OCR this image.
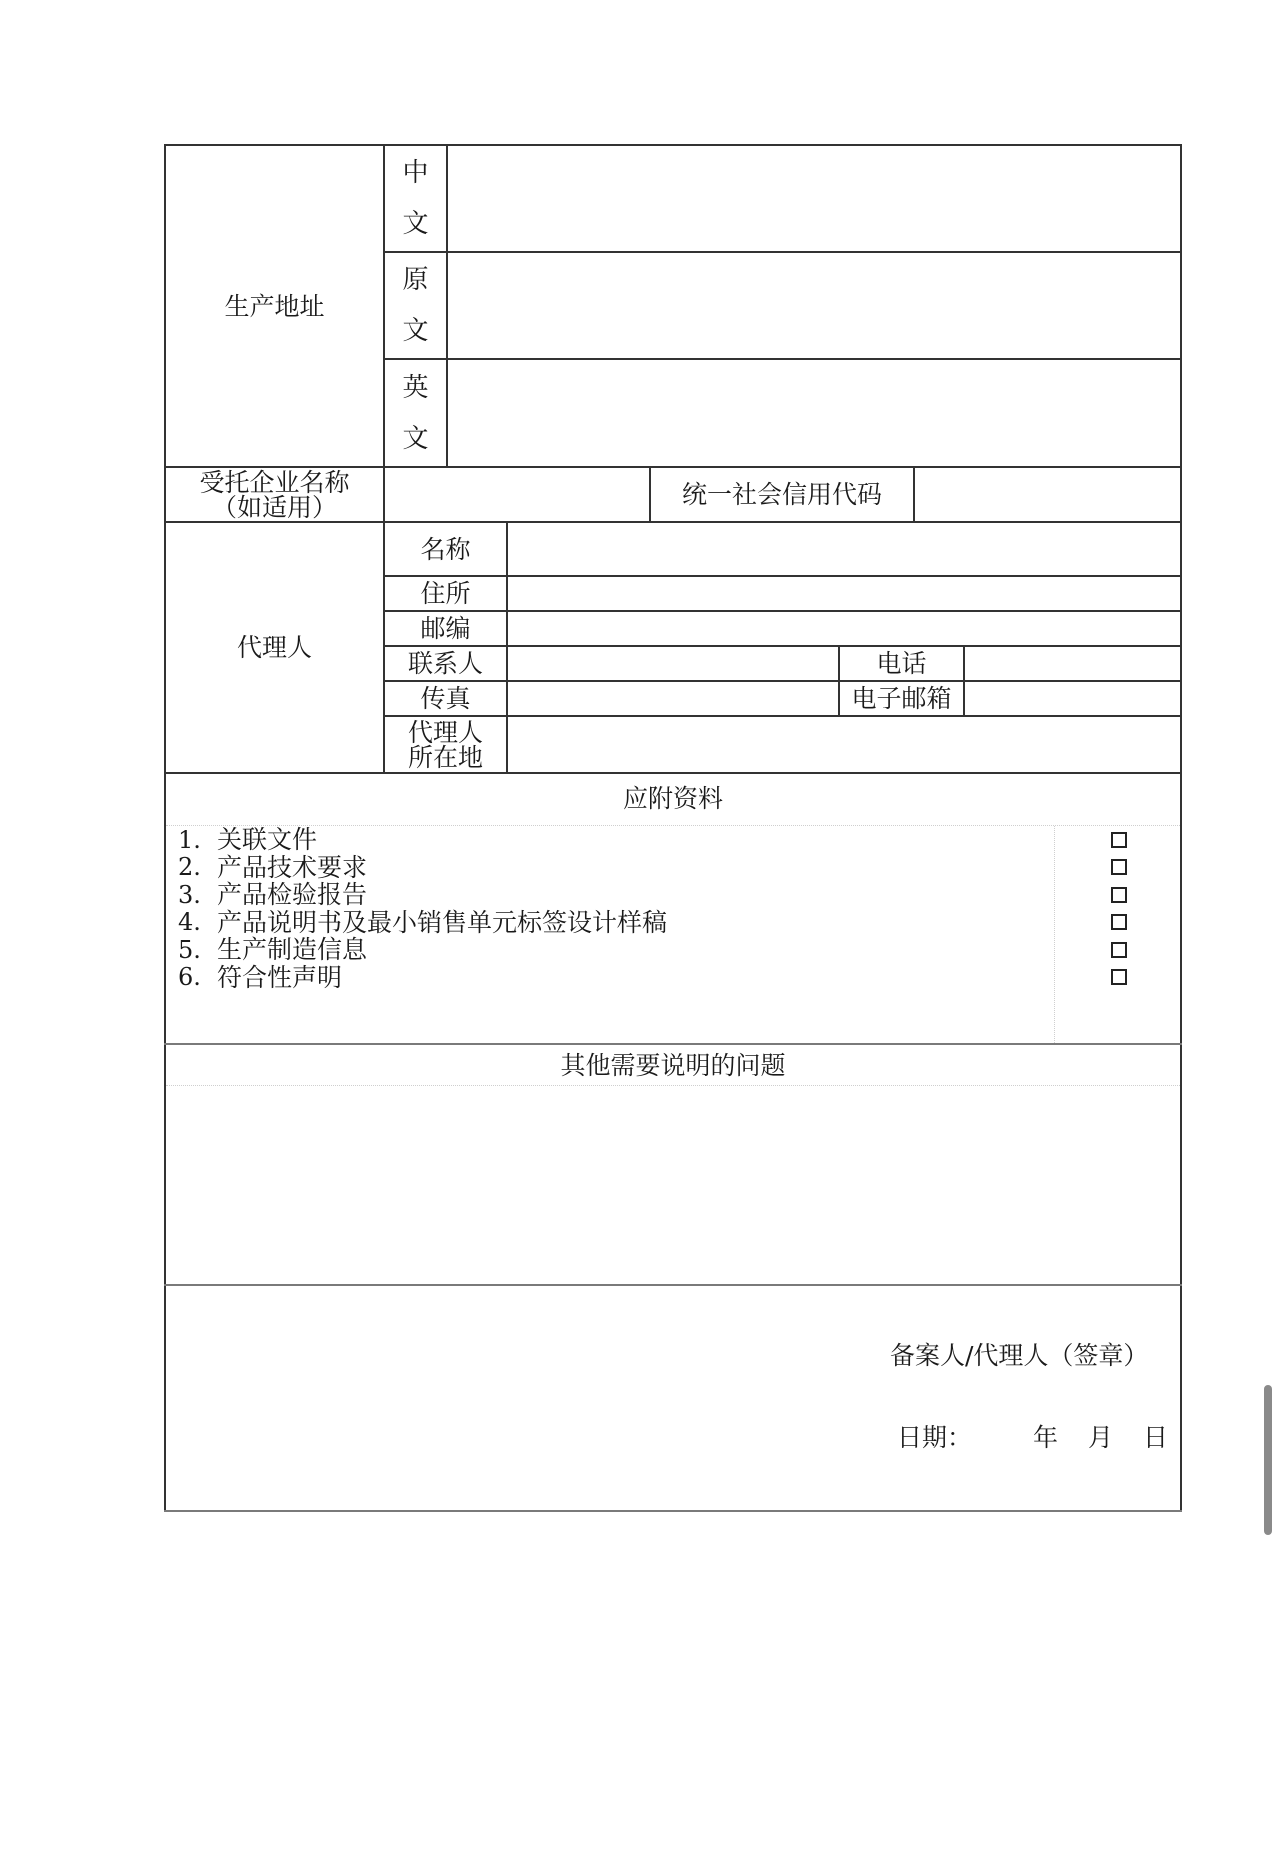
生产地址
中
文
原
文
英
文
受托企业名称
（如适用）	统一社会信用代码
代理人
名称
住所
邮编
联系人
传真
代理人
所在地
电话
电子邮箱
应附资料
1. 关联文件
2. 产品技术要求
3. 产品检验报告
4. 产品说明书及最小销售单元标签设计样稿
5. 生产制造信息
6. 符合性声明
其他需要说明的问题
备案人/代理人（签章）
日期： 年 月 日
